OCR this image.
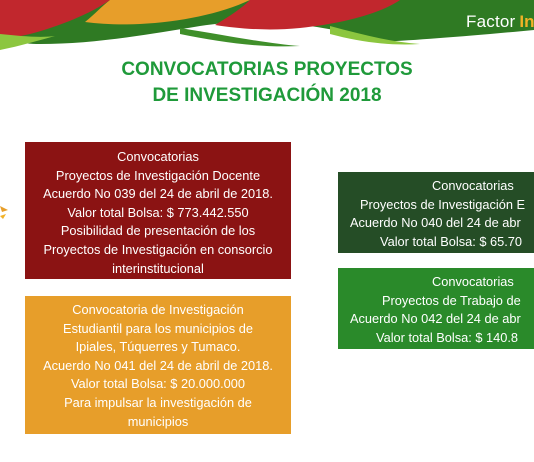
Factor In
CONVOCATORIAS PROYECTOS
DE INVESTIGACIÓN 2018
Convocatorias
Proyectos de Investigación Docente
Acuerdo No 039 del 24 de abril de 2018.
Valor total Bolsa: $ 773.442.550
Posibilidad de presentación de los
Proyectos de Investigación en consorcio
interinstitucional
Convocatoria de Investigación
Estudiantil para los municipios de
Ipiales, Túquerres y Tumaco.
Acuerdo No 041 del 24 de abril de 2018.
Valor total Bolsa: $ 20.000.000
Para impulsar la investigación de
municipios
Convocatorias
Proyectos de Investigación E
Acuerdo No 040 del 24 de abr
Valor total Bolsa: $ 65.70
Convocatorias
Proyectos de Trabajo de
Acuerdo No 042 del 24 de abr
Valor total Bolsa: $ 140.8
